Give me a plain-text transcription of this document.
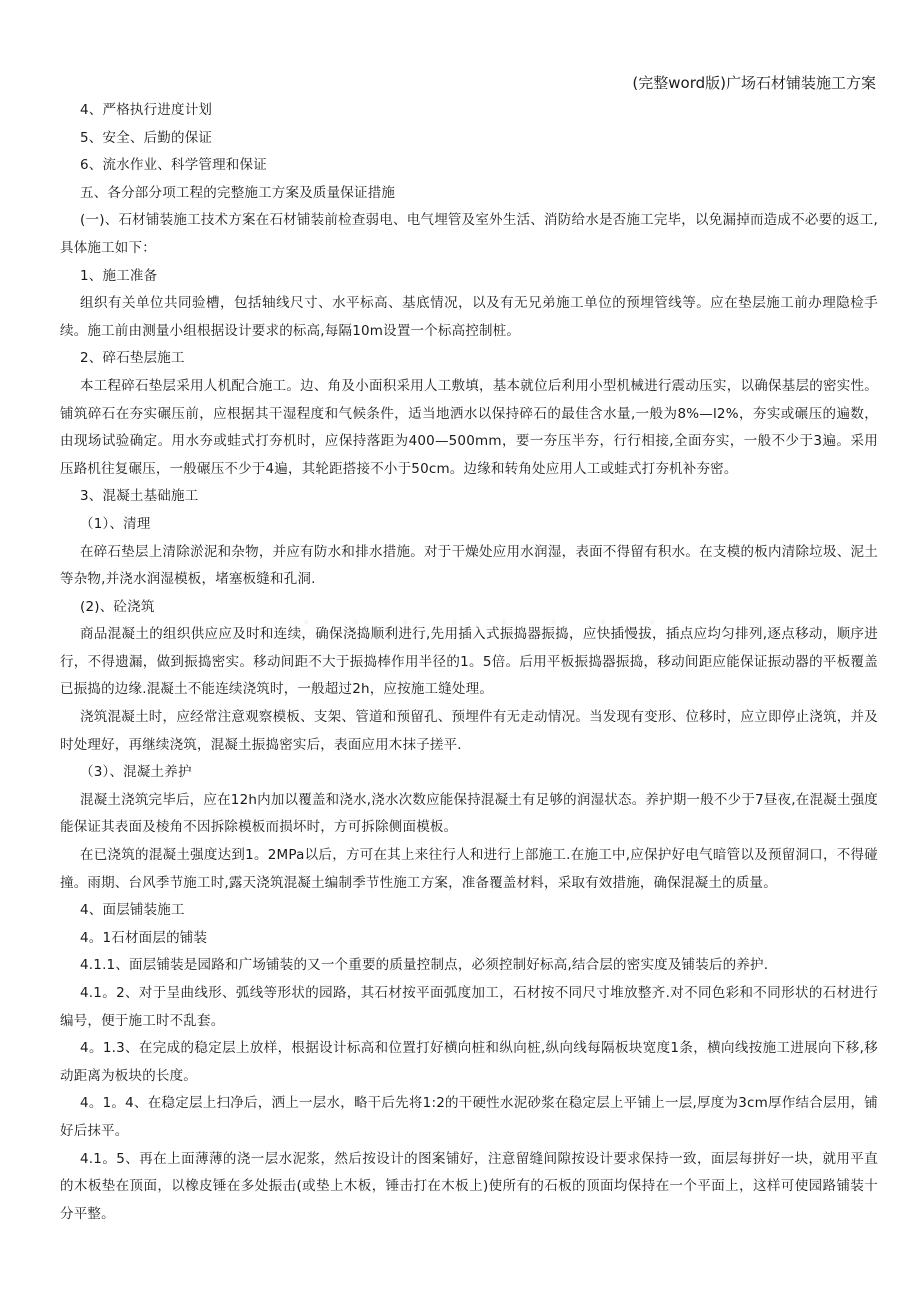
(完整word版)广场石材铺装施工方案

4、严格执行进度计划

5、安全、后勤的保证

6、流水作业、科学管理和保证

五、各分部分项工程的完整施工方案及质量保证措施

(一)、石材铺装施工技术方案在石材铺装前检查弱电、电气埋管及室外生活、消防给水是否施工完毕，以免漏掉而造成不必要的返工,具体施工如下：

1、施工准备

组织有关单位共同验槽，包括轴线尺寸、水平标高、基底情况，以及有无兄弟施工单位的预埋管线等。应在垫层施工前办理隐检手续。施工前由测量小组根据设计要求的标高,每隔10m设置一个标高控制桩。

2、碎石垫层施工

本工程碎石垫层采用人机配合施工。边、角及小面积采用人工敷填，基本就位后利用小型机械进行震动压实，以确保基层的密实性。铺筑碎石在夯实碾压前，应根据其干湿程度和气候条件，适当地洒水以保持碎石的最佳含水量,一般为8%—l2%，夯实或碾压的遍数，由现场试验确定。用水夯或蛙式打夯机时，应保持落距为400—500mm，要一夯压半夯，行行相接,全面夯实，一般不少于3遍。采用压路机往复碾压，一般碾压不少于4遍，其轮距搭接不小于50cm。边缘和转角处应用人工或蛙式打夯机补夯密。

3、混凝土基础施工

（1）、清理

在碎石垫层上清除淤泥和杂物，并应有防水和排水措施。对于干燥处应用水润湿，表面不得留有积水。在支模的板内清除垃圾、泥土等杂物,并浇水润湿模板，堵塞板缝和孔洞.

(2)、砼浇筑

商品混凝土的组织供应应及时和连续，确保浇捣顺利进行,先用插入式振捣器振捣，应快插慢拔，插点应均匀排列,逐点移动，顺序进行，不得遗漏，做到振捣密实。移动间距不大于振捣棒作用半径的1。5倍。后用平板振捣器振捣，移动间距应能保证振动器的平板覆盖已振捣的边缘.混凝土不能连续浇筑时，一般超过2h，应按施工缝处理。

浇筑混凝土时，应经常注意观察模板、支架、管道和预留孔、预埋件有无走动情况。当发现有变形、位移时，应立即停止浇筑，并及时处理好，再继续浇筑，混凝土振捣密实后，表面应用木抹子搓平.

（3）、混凝土养护

混凝土浇筑完毕后，应在12h内加以覆盖和浇水,浇水次数应能保持混凝土有足够的润湿状态。养护期一般不少于7昼夜,在混凝土强度能保证其表面及棱角不因拆除模板而损坏时，方可拆除侧面模板。

在已浇筑的混凝土强度达到1。2MPa以后，方可在其上来往行人和进行上部施工.在施工中,应保护好电气暗管以及预留洞口，不得碰撞。雨期、台风季节施工时,露天浇筑混凝土编制季节性施工方案，准备覆盖材料，采取有效措施，确保混凝土的质量。

4、面层铺装施工

4。1石材面层的铺装

4.1.1、面层铺装是园路和广场铺装的又一个重要的质量控制点，必须控制好标高,结合层的密实度及铺装后的养护.

4.1。2、对于呈曲线形、弧线等形状的园路，其石材按平面弧度加工，石材按不同尺寸堆放整齐.对不同色彩和不同形状的石材进行编号，便于施工时不乱套。

4。1.3、在完成的稳定层上放样，根据设计标高和位置打好横向桩和纵向桩,纵向线每隔板块宽度1条，横向线按施工进展向下移,移动距离为板块的长度。

4。1。4、在稳定层上扫净后，洒上一层水，略干后先将1:2的干硬性水泥砂浆在稳定层上平铺上一层,厚度为3cm厚作结合层用，铺好后抹平。

4.1。5、再在上面薄薄的浇一层水泥浆，然后按设计的图案铺好，注意留缝间隙按设计要求保持一致，面层每拼好一块，就用平直的木板垫在顶面，以橡皮锤在多处振击(或垫上木板，锤击打在木板上)使所有的石板的顶面均保持在一个平面上，这样可使园路铺装十分平整。
